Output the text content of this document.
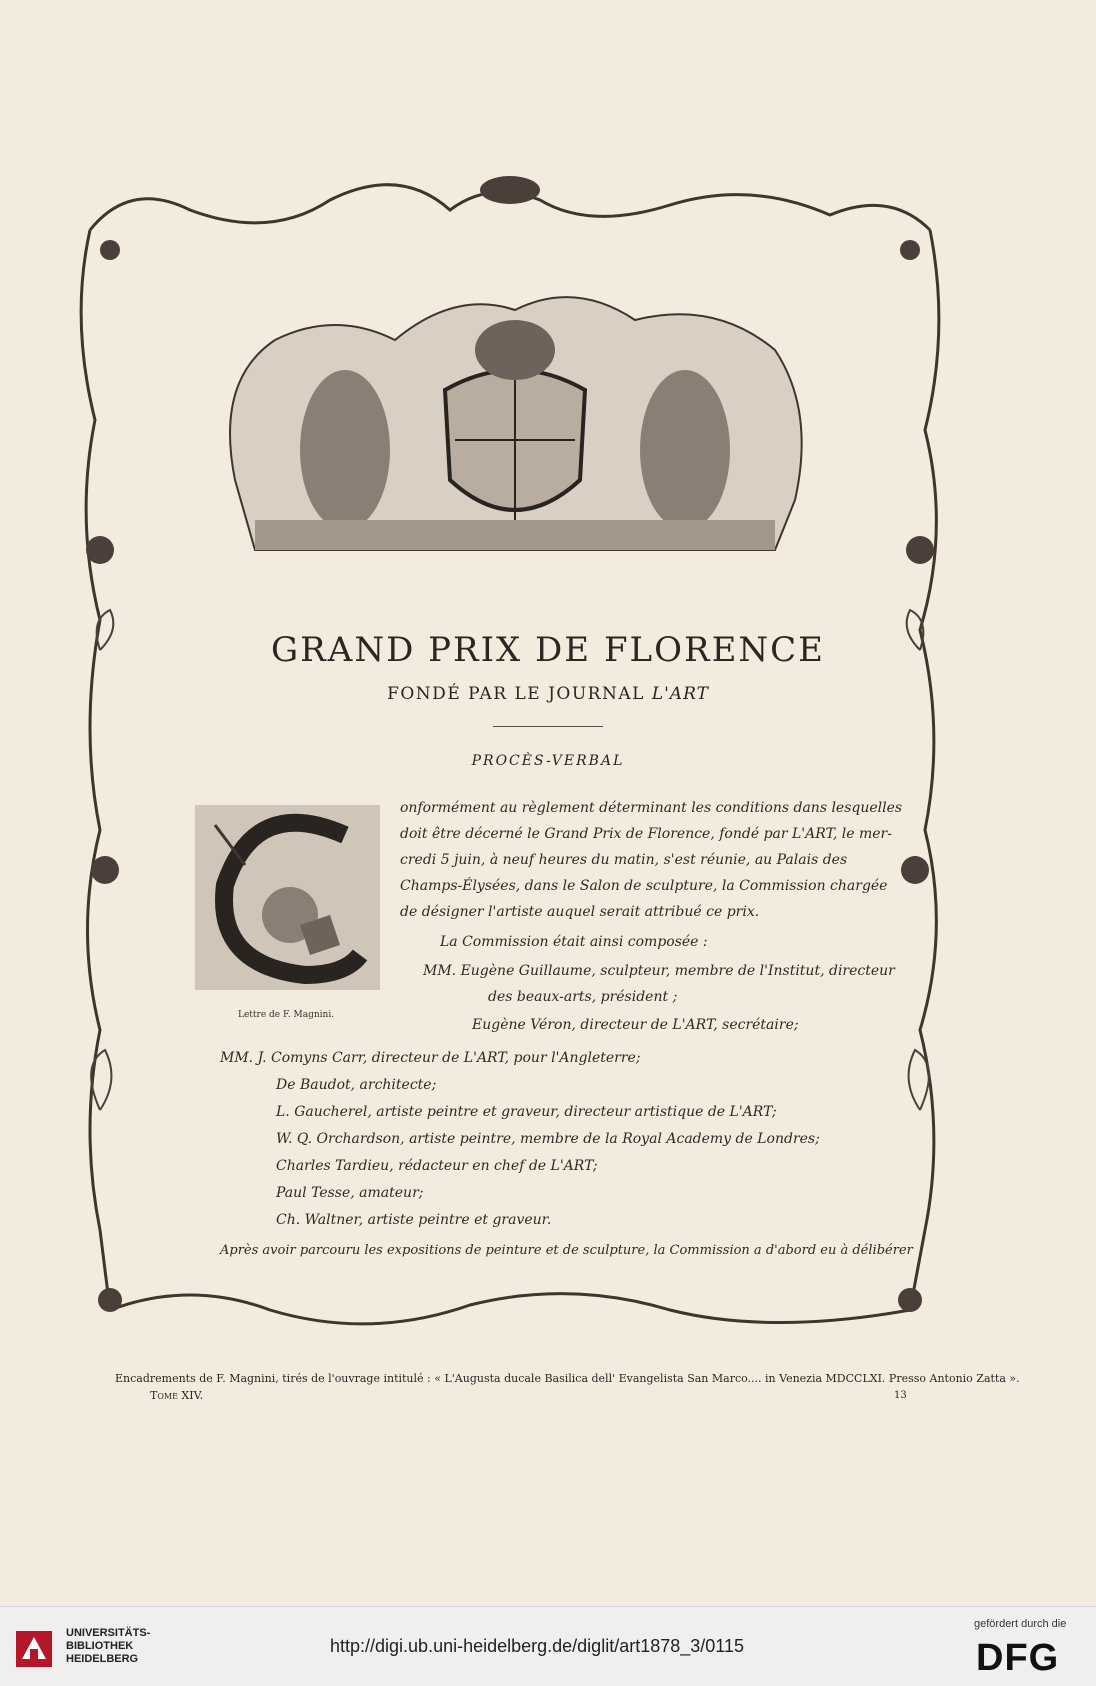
GRAND PRIX DE FLORENCE
FONDÉ PAR LE JOURNAL L'ART
PROCÈS-VERBAL
Lettre de F. Magnini.
onformément au règlement déterminant les conditions dans lesquelles
doit être décerné le Grand Prix de Florence, fondé par L'ART, le mer-
credi 5 juin, à neuf heures du matin, s'est réunie, au Palais des
Champs-Élysées, dans le Salon de sculpture, la Commission chargée
de désigner l'artiste auquel serait attribué ce prix.
La Commission était ainsi composée :
MM. Eugène Guillaume, sculpteur, membre de l'Institut, directeur
des beaux-arts, président ;
Eugène Véron, directeur de L'ART, secrétaire;
MM. J. Comyns Carr, directeur de L'ART, pour l'Angleterre;
De Baudot, architecte;
L. Gaucherel, artiste peintre et graveur, directeur artistique de L'ART;
W. Q. Orchardson, artiste peintre, membre de la Royal Academy de Londres;
Charles Tardieu, rédacteur en chef de L'ART;
Paul Tesse, amateur;
Ch. Waltner, artiste peintre et graveur.
Après avoir parcouru les expositions de peinture et de sculpture, la Commission a d'abord eu à délibérer
Encadrements de F. Magnini, tirés de l'ouvrage intitulé : « L'Augusta ducale Basilica dell' Evangelista San Marco.... in Venezia MDCCLXI. Presso Antonio Zatta ».
Tome XIV.	13
UNIVERSITÄTS-
BIBLIOTHEK
HEIDELBERG
http://digi.ub.uni-heidelberg.de/diglit/art1878_3/0115
gefördert durch die
DFG
